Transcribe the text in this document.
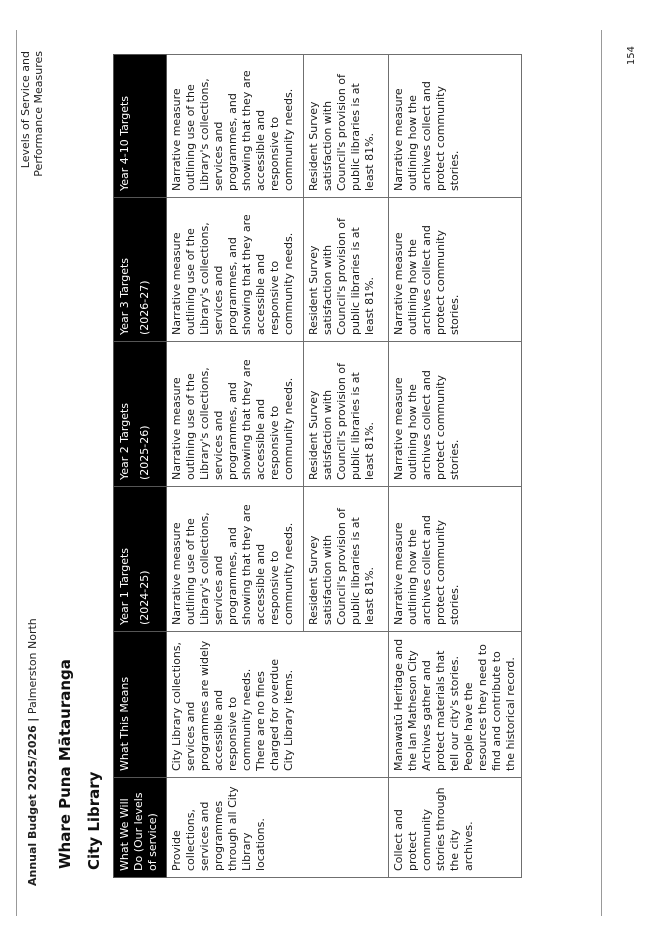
Annual Budget 2025/2026 | Palmerston North
Levels of Service and Performance Measures	154
Whare Puna Mātauranga City Library What We Will Do (Our levels of service)	What This Means	Year 1 Targets (2024-25)	Year 2 Targets (2025-26)	Year 3 Targets (2026-27)	Year 4-10 Targets
Provide collections, services and programmes through all City Library locations.	City Library collections, services and programmes are widely accessible and responsive to community needs. There are no fines charged for overdue City Library items.	Narrative measure outlining use of the Library's collections, services and programmes, and showing that they are accessible and responsive to community needs.	Narrative measure outlining use of the Library's collections, services and programmes, and showing that they are accessible and responsive to community needs.	Narrative measure outlining use of the Library's collections, services and programmes, and showing that they are accessible and responsive to community needs.	Narrative measure outlining use of the Library's collections, services and programmes, and showing that they are accessible and responsive to community needs.
		Resident Survey satisfaction with Council's provision of public libraries is at least 81%.	Resident Survey satisfaction with Council's provision of public libraries is at least 81%.	Resident Survey satisfaction with Council's provision of public libraries is at least 81%.	Resident Survey satisfaction with Council's provision of public libraries is at least 81%.
Collect and protect community stories through the city archives.	Manawatū Heritage and the Ian Matheson City Archives gather and protect materials that tell our city's stories. People have the resources they need to find and contribute to the historical record.	Narrative measure outlining how the archives collect and protect community stories.	Narrative measure outlining how the archives collect and protect community stories.	Narrative measure outlining how the archives collect and protect community stories.	Narrative measure outlining how the archives collect and protect community stories.
